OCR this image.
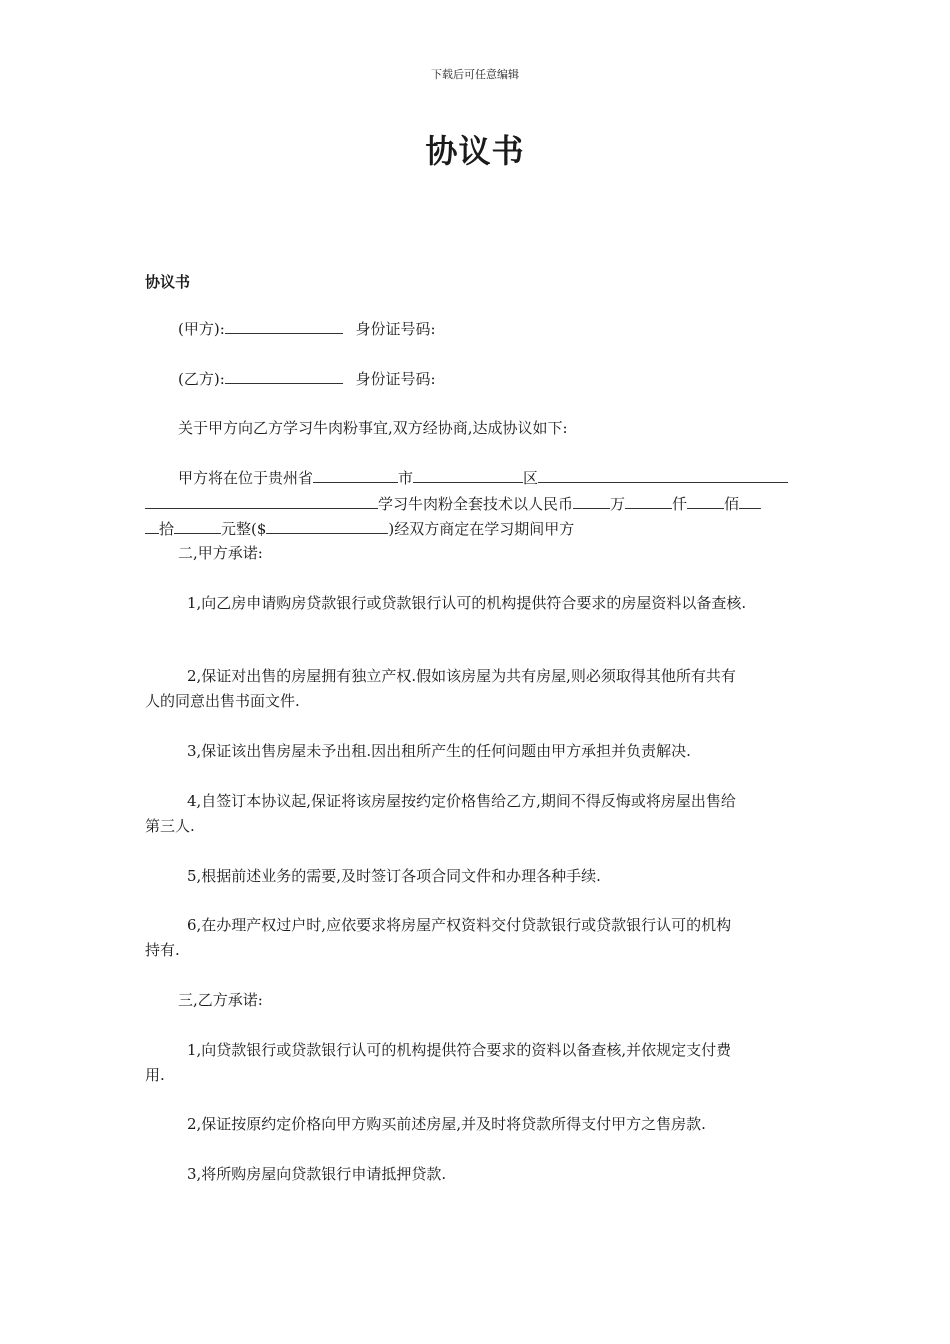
下载后可任意编辑
协议书
协议书
(甲方):	身份证号码:
(乙方):	身份证号码:
关于甲方向乙方学习牛肉粉事宜,双方经协商,达成协议如下:
甲方将在位于贵州省	市	区
学习牛肉粉全套技术以人民币 万	仟 佰
拾	元整($	)经双方商定在学习期间甲方
二,甲方承诺:
1,向乙房申请购房贷款银行或贷款银行认可的机构提供符合要求的房屋资料以备查核.
2,保证对出售的房屋拥有独立产权.假如该房屋为共有房屋,则必须取得其他所有共有
人的同意出售书面文件.
3,保证该出售房屋未予出租.因出租所产生的任何问题由甲方承担并负责解决.
4,自签订本协议起,保证将该房屋按约定价格售给乙方,期间不得反悔或将房屋出售给
第三人.
5,根据前述业务的需要,及时签订各项合同文件和办理各种手续.
6,在办理产权过户时,应依要求将房屋产权资料交付贷款银行或贷款银行认可的机构
持有.
三,乙方承诺:
1,向贷款银行或贷款银行认可的机构提供符合要求的资料以备查核,并依规定支付费
用.
2,保证按原约定价格向甲方购买前述房屋,并及时将贷款所得支付甲方之售房款.
3,将所购房屋向贷款银行申请抵押贷款.
